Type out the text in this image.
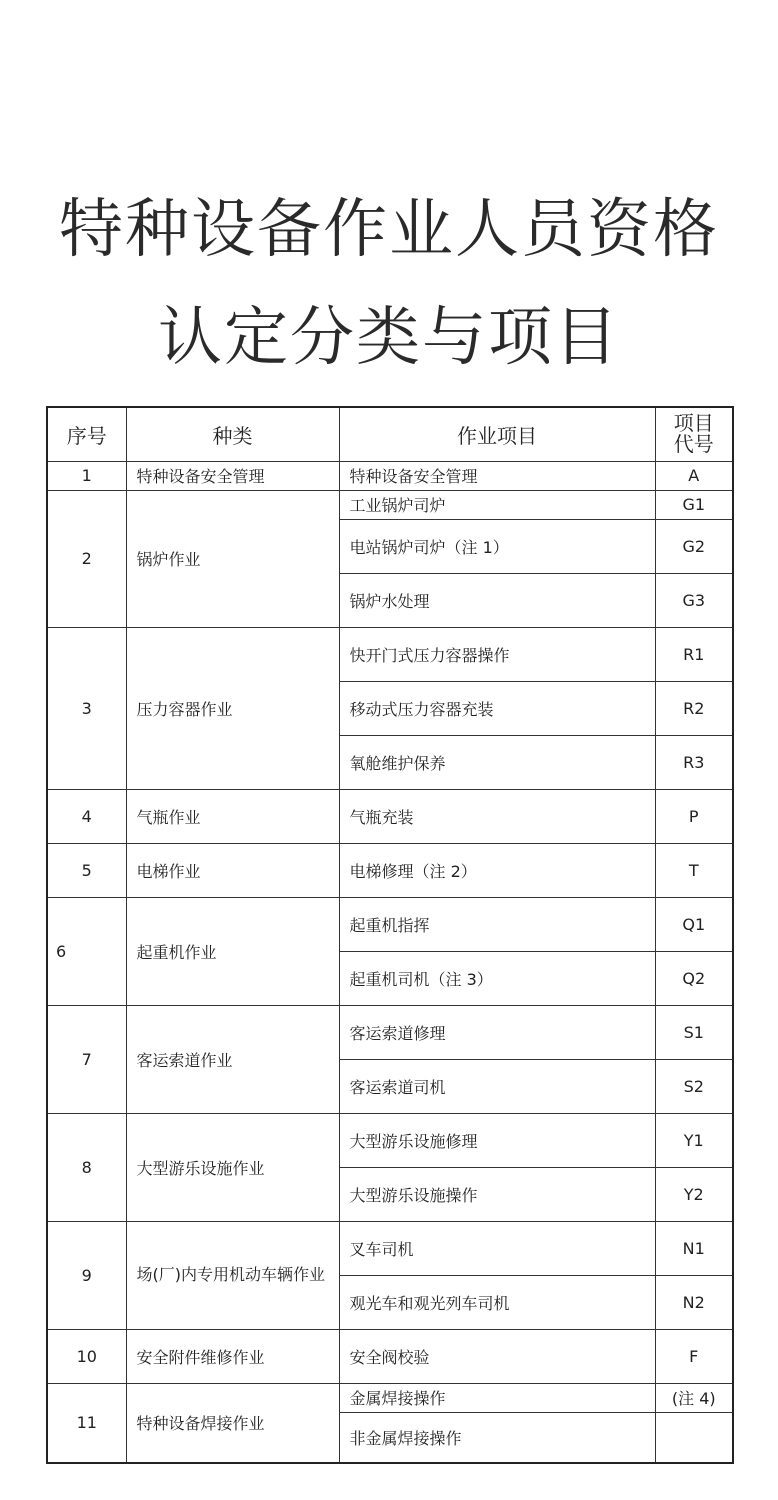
特种设备作业人员资格
认定分类与项目
序号	种类	作业项目	项目
代号

1	特种设备安全管理	特种设备安全管理	A
2	锅炉作业	工业锅炉司炉	G1
		电站锅炉司炉（注 1）	G2
		锅炉水处理	G3
3	压力容器作业	快开门式压力容器操作	R1
		移动式压力容器充装	R2
		氧舱维护保养	R3
4	气瓶作业	气瓶充装	P
5	电梯作业	电梯修理（注 2）	T
6	起重机作业	起重机指挥	Q1
		起重机司机（注 3）	Q2
7	客运索道作业	客运索道修理	S1
		客运索道司机	S2
8	大型游乐设施作业	大型游乐设施修理	Y1
		大型游乐设施操作	Y2
9	场(厂)内专用机动车辆作业	叉车司机	N1
		观光车和观光列车司机	N2
10	安全附件维修作业	安全阀校验	F
11	特种设备焊接作业	金属焊接操作	(注 4)
		非金属焊接操作	
